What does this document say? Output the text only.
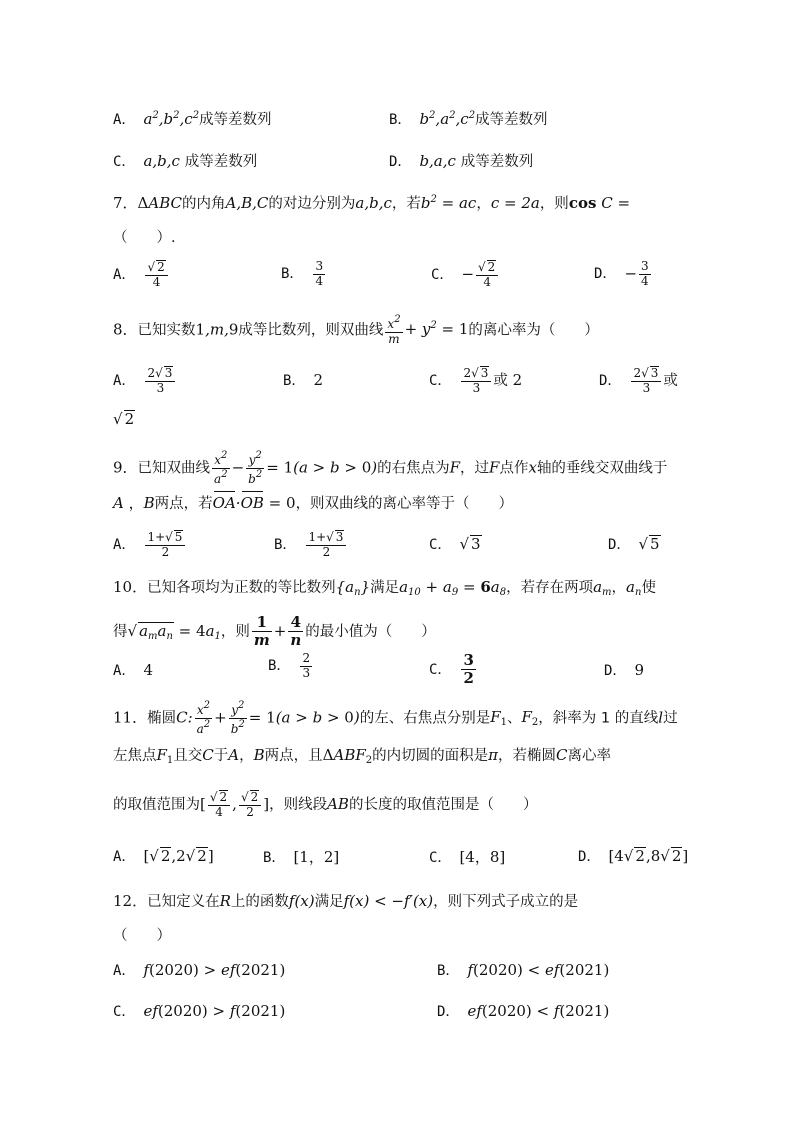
A． $a^2,b^2,c^2$成等差数列	B． $b^2,a^2,c^2$成等差数列
C． a,b,c 成等差数列	D． b,a,c 成等差数列
7．ΔABC的内角A,B,C的对边分别为a,b,c，若$b^2$ = ac，c = 2a，则cos C =
（　　）.
A． $\frac{√ 2}{4}$	B． $\frac{3}{4}$	C． − $\frac{√ 2}{4}$	D． − $\frac{3}{4}$
8．已知实数1,m,9成等比数列，则双曲线 $\frac{x^2}{m} + y^2 = 1$的离心率为（　　）
A． $\frac{2√ 3}{3}$	B． 2	C． $\frac{2√ 3}{3}$ 或 2	D． $\frac{2√ 3}{3}$ 或
√ 2
9．已知双曲线 $\frac{x^2}{a^2} - \frac{y^2}{b^2} = 1(a > b > 0)$的右焦点为F，过F点作x轴的垂线交双曲线于
A ，B两点，若OA·OB = 0，则双曲线的离心率等于（　　）
A． $\frac{1+√ 5}{2}$	B． $\frac{1+√ 3}{2}$	C． √ 3	D． √ 5
10．已知各项均为正数的等比数列$\{a_n\}$满足$a_{10} + a_9 = 6a_8$，若存在两项$a_m$，$a_n$使
得√ $a_ma_n = 4a_1$，则 $\frac{1}{m} + \frac{4}{n}$ 的最小值为（　　）
A． 4	B． $\frac{2}{3}$	C． $\frac{3}{2}$	D． 9
11．椭圆C: $\frac{x^2}{a^2} + \frac{y^2}{b^2} = 1(a > b > 0)$的左、右焦点分别是$F_1$、$F_2$，斜率为 1 的直线l过
左焦点$F_1$且交C于A，B两点，且$\Delta ABF_2$的内切圆的面积是π，若椭圆C离心率
的取值范围为[ $\frac{√ 2}{4}$ , $\frac{√ 2}{2}$ ]，则线段AB的长度的取值范围是（　　）
A． [√ 2,2√ 2]	B． [1，2]	C． [4，8]	D． [4√ 2,8√ 2]
12．已知定义在R上的函数f(x)满足f(x) < −f′(x)，则下列式子成立的是
（　　）
A． f(2020) > ef(2021)	B． f(2020) < ef(2021)
C． ef(2020) > f(2021)	D． ef(2020) < f(2021)
